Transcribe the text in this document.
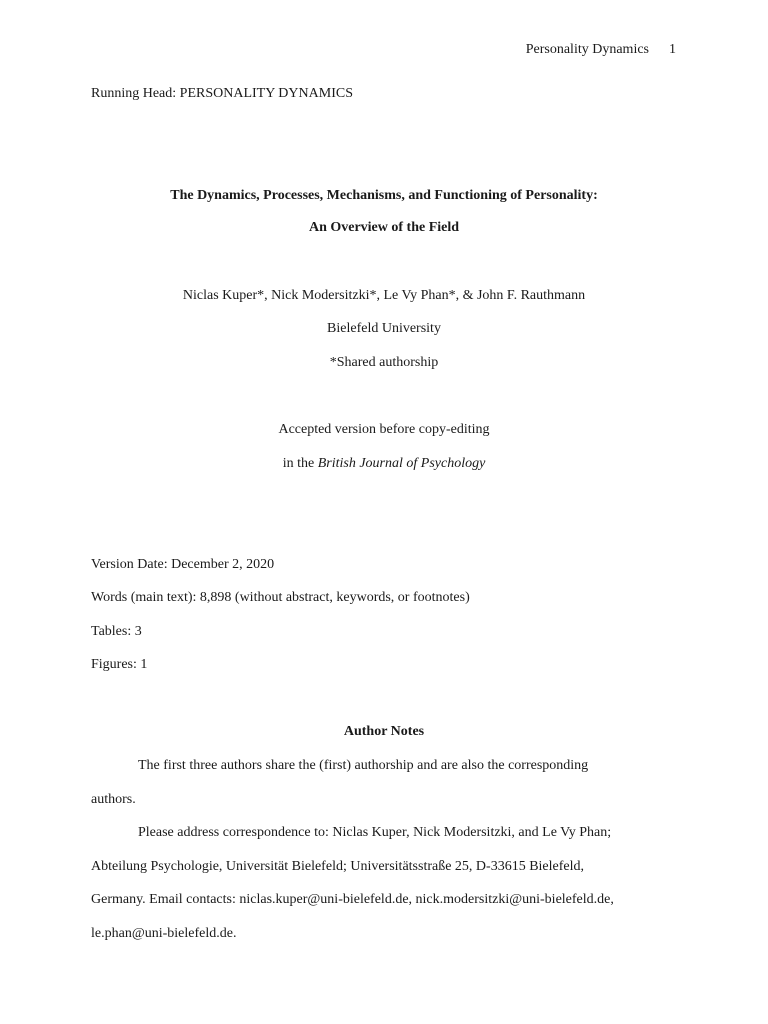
Personality Dynamics 1
Running Head: PERSONALITY DYNAMICS
The Dynamics, Processes, Mechanisms, and Functioning of Personality:
An Overview of the Field
Niclas Kuper*, Nick Modersitzki*, Le Vy Phan*, & John F. Rauthmann
Bielefeld University
*Shared authorship
Accepted version before copy-editing
in the British Journal of Psychology
Version Date: December 2, 2020
Words (main text): 8,898 (without abstract, keywords, or footnotes)
Tables: 3
Figures: 1
Author Notes
The first three authors share the (first) authorship and are also the corresponding
authors.
Please address correspondence to: Niclas Kuper, Nick Modersitzki, and Le Vy Phan;
Abteilung Psychologie, Universität Bielefeld; Universitätsstraße 25, D-33615 Bielefeld,
Germany. Email contacts: niclas.kuper@uni-bielefeld.de, nick.modersitzki@uni-bielefeld.de,
le.phan@uni-bielefeld.de.
